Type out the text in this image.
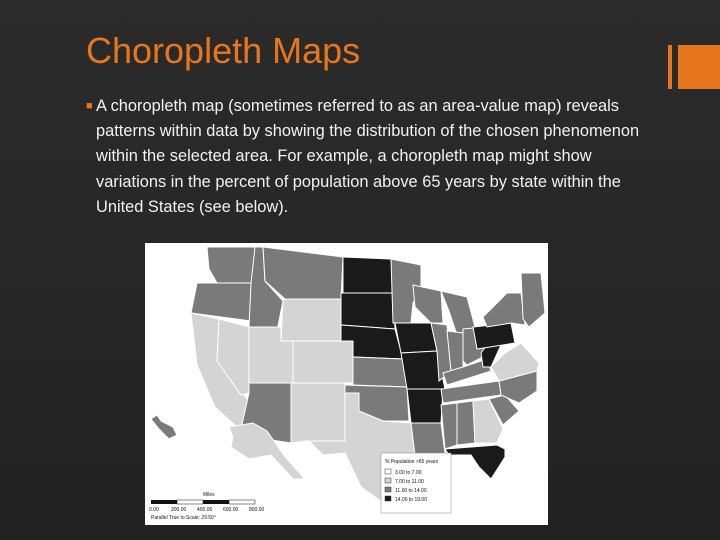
Choropleth Maps
■ A choropleth map (sometimes referred to as an area-value map) reveals patterns within data by showing the distribution of the chosen phenomenon within the selected area. For example, a choropleth map might show variations in the percent of population above 65 years by state within the United States (see below).
% Population >65 years
3.00 to 7.00
7.00 to 11.00
11.00 to 14.00
14.00 to 19.00
Miles
0.00 200.00 400.00 600.00 800.00
Parallel True to Scale: 29.50°
